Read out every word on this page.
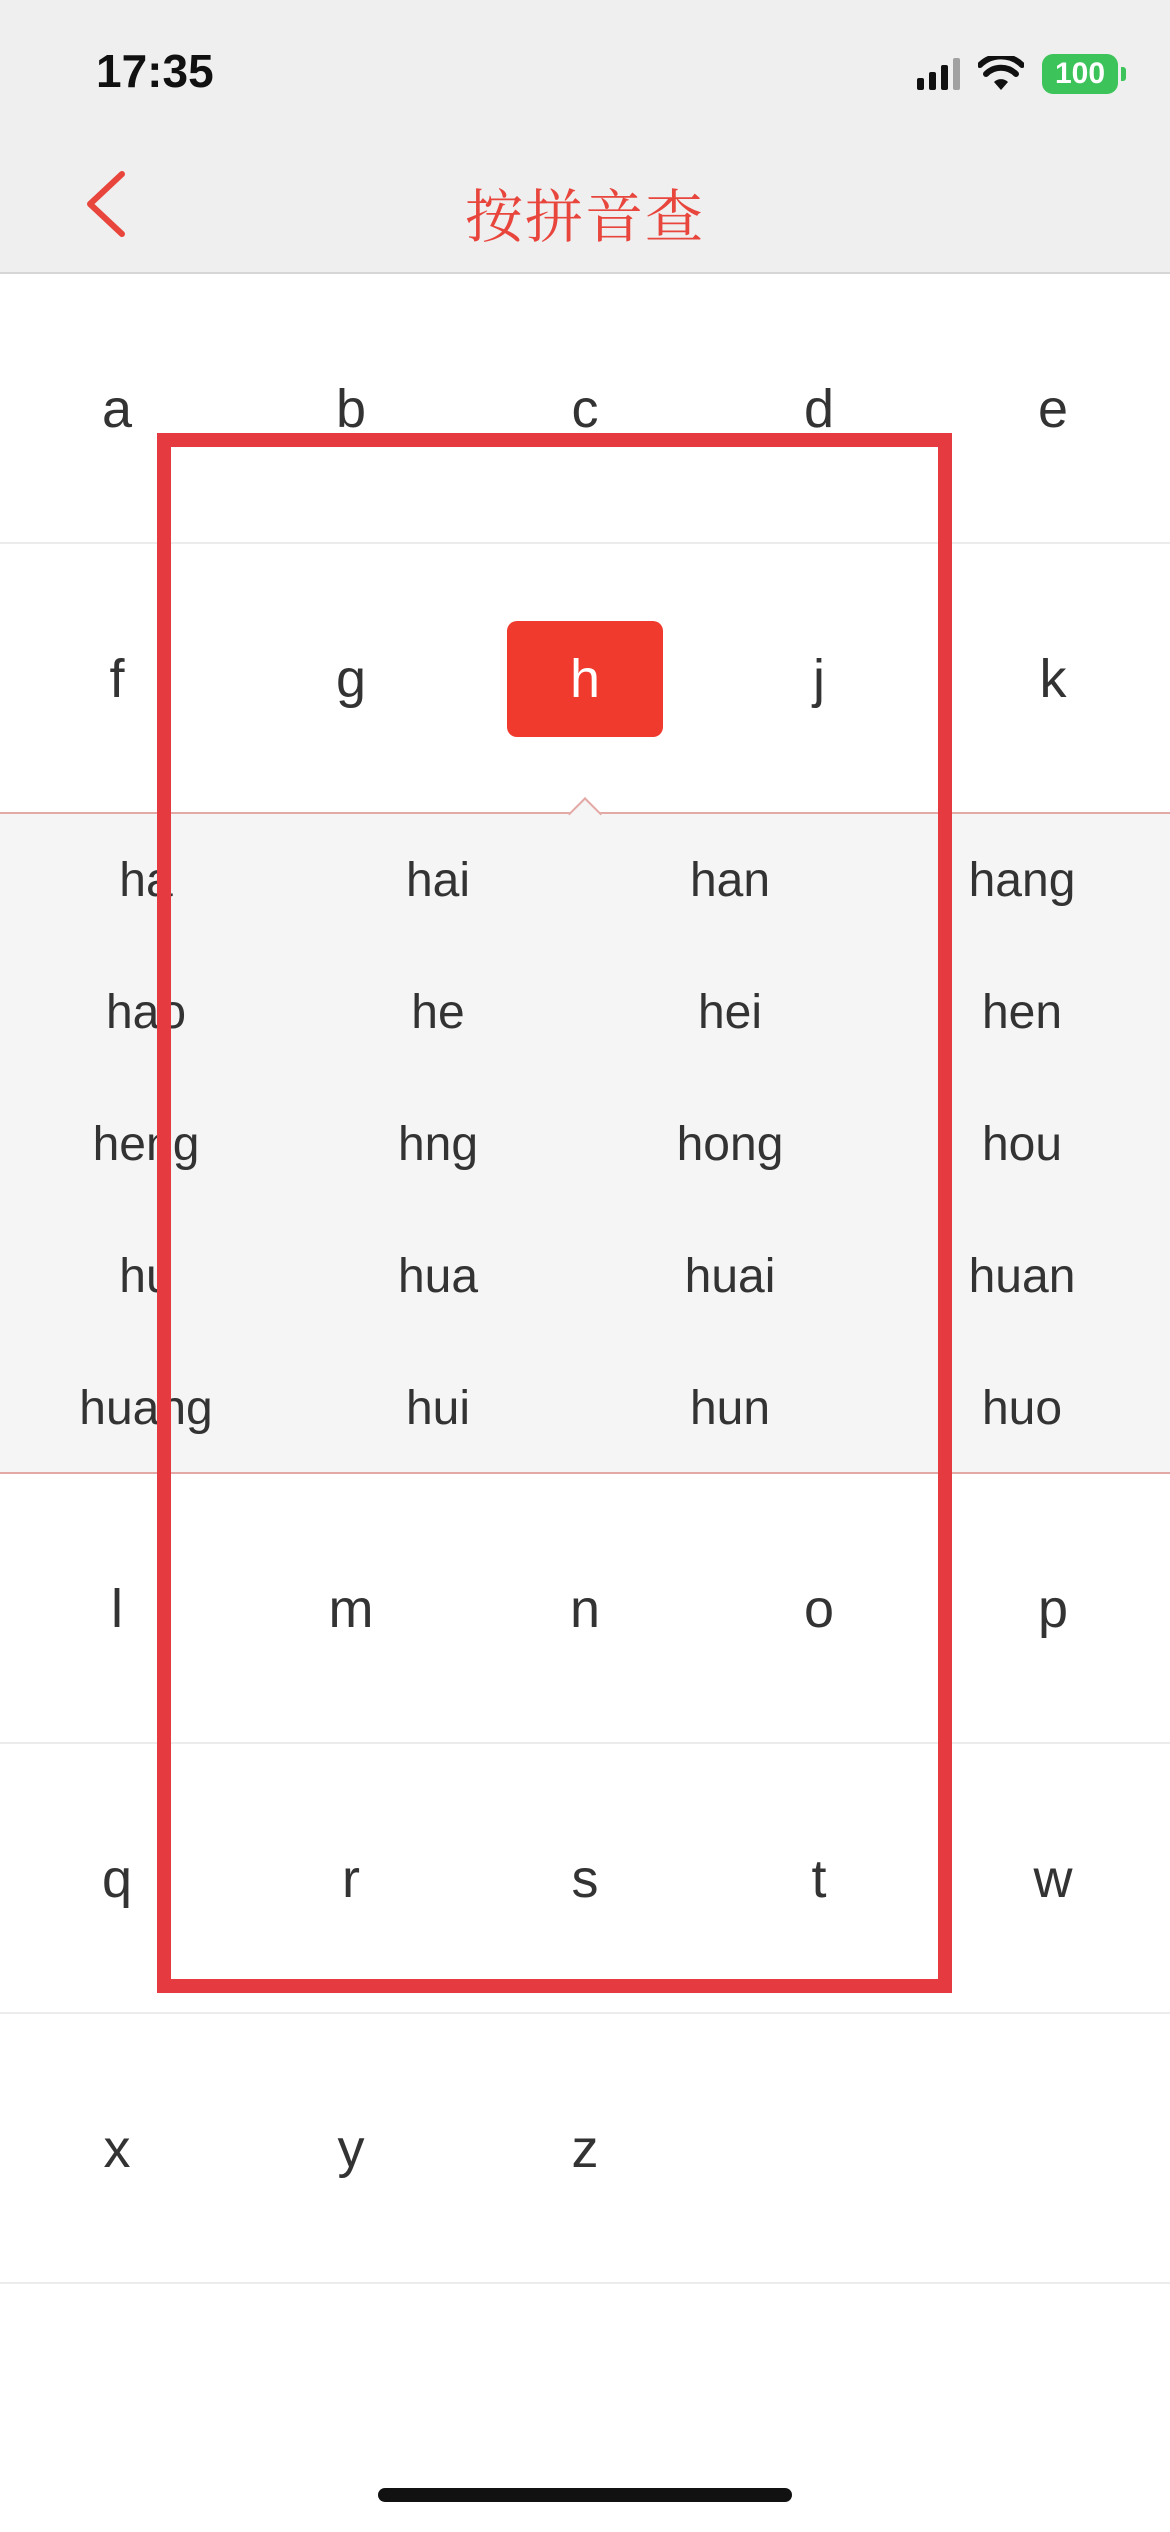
17:35	100
按拼音查
a	b	c	d	e
f	g	h	j	k
ha	hai	han	hang
hao	he	hei	hen
heng	hng	hong	hou
hu	hua	huai	huan
huang	hui	hun	huo
l	m	n	o	p
q	r	s	t	w
x	y	z
